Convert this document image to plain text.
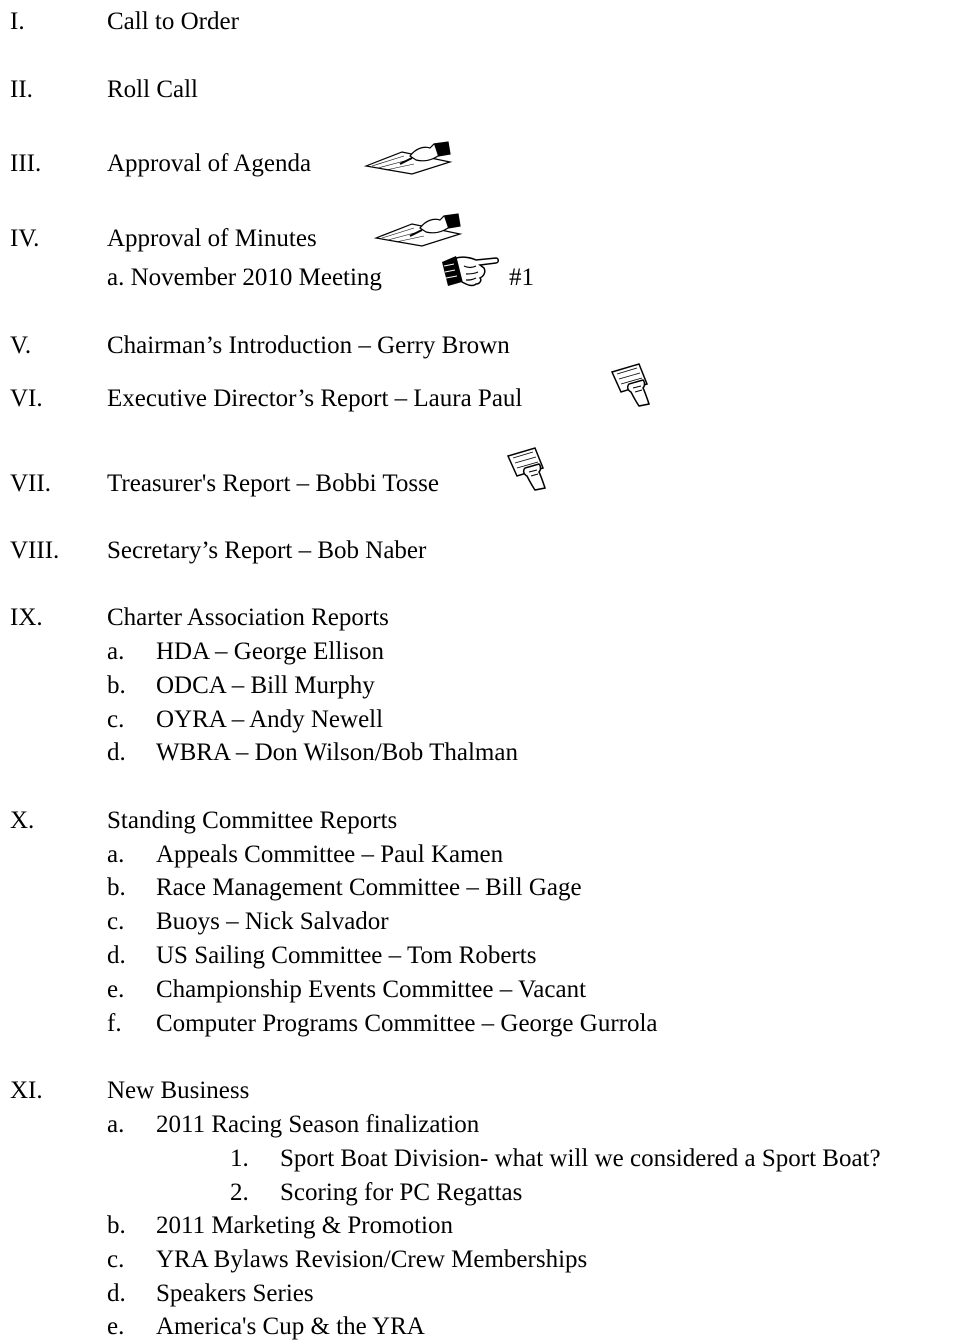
I.	Call to Order
II.	Roll Call
III.	Approval of Agenda
IV.	Approval of Minutes
a. November 2010 Meeting	#1
V.	Chairman’s Introduction – Gerry Brown
VI.	Executive Director’s Report – Laura Paul
VII. Treasurer's Report – Bobbi Tosse
VIII. Secretary’s Report – Bob Naber
IX.	Charter Association Reports
a. HDA – George Ellison
b. ODCA – Bill Murphy
c. OYRA – Andy Newell
d. WBRA – Don Wilson/Bob Thalman
X.	Standing Committee Reports
a. Appeals Committee – Paul Kamen
b. Race Management Committee – Bill Gage
c. Buoys – Nick Salvador
d. US Sailing Committee – Tom Roberts
e. Championship Events Committee – Vacant
f. Computer Programs Committee – George Gurrola
XI.	New Business
a. 2011 Racing Season finalization
1. Sport Boat Division- what will we considered a Sport Boat?
2. Scoring for PC Regattas
b. 2011 Marketing & Promotion
c. YRA Bylaws Revision/Crew Memberships
d. Speakers Series
e. America's Cup & the YRA
